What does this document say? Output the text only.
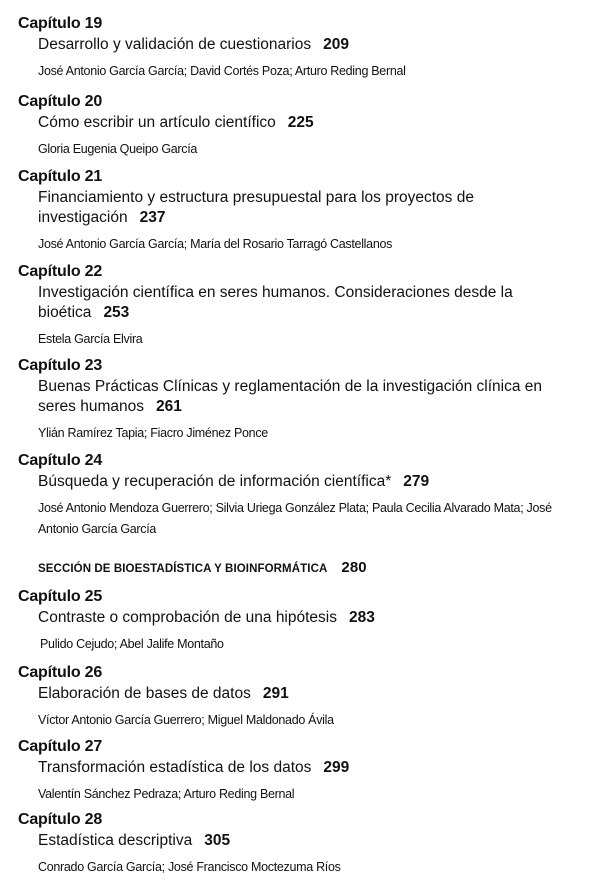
Capítulo 19
Desarrollo y validación de cuestionarios 209
José Antonio García García; David Cortés Poza; Arturo Reding Bernal
Capítulo 20
Cómo escribir un artículo científico 225
Gloria Eugenia Queipo García
Capítulo 21
Financiamiento y estructura presupuestal para los proyectos de investigación 237
José Antonio García García; María del Rosario Tarragó Castellanos
Capítulo 22
Investigación científica en seres humanos. Consideraciones desde la bioética 253
Estela García Elvira
Capítulo 23
Buenas Prácticas Clínicas y reglamentación de la investigación clínica en seres humanos 261
Ylián Ramírez Tapia; Fiacro Jiménez Ponce
Capítulo 24
Búsqueda y recuperación de información científica* 279
José Antonio Mendoza Guerrero; Silvia Uriega González Plata; Paula Cecilia Alvarado Mata; José Antonio García García
SECCIÓN DE BIOESTADÍSTICA Y BIOINFORMÁTICA 280
Capítulo 25
Contraste o comprobación de una hipótesis 283
Pulido Cejudo; Abel Jalife Montaño
Capítulo 26
Elaboración de bases de datos 291
Víctor Antonio García Guerrero; Miguel Maldonado Ávila
Capítulo 27
Transformación estadística de los datos 299
Valentín Sánchez Pedraza; Arturo Reding Bernal
Capítulo 28
Estadística descriptiva 305
Conrado García García; José Francisco Moctezuma Ríos
